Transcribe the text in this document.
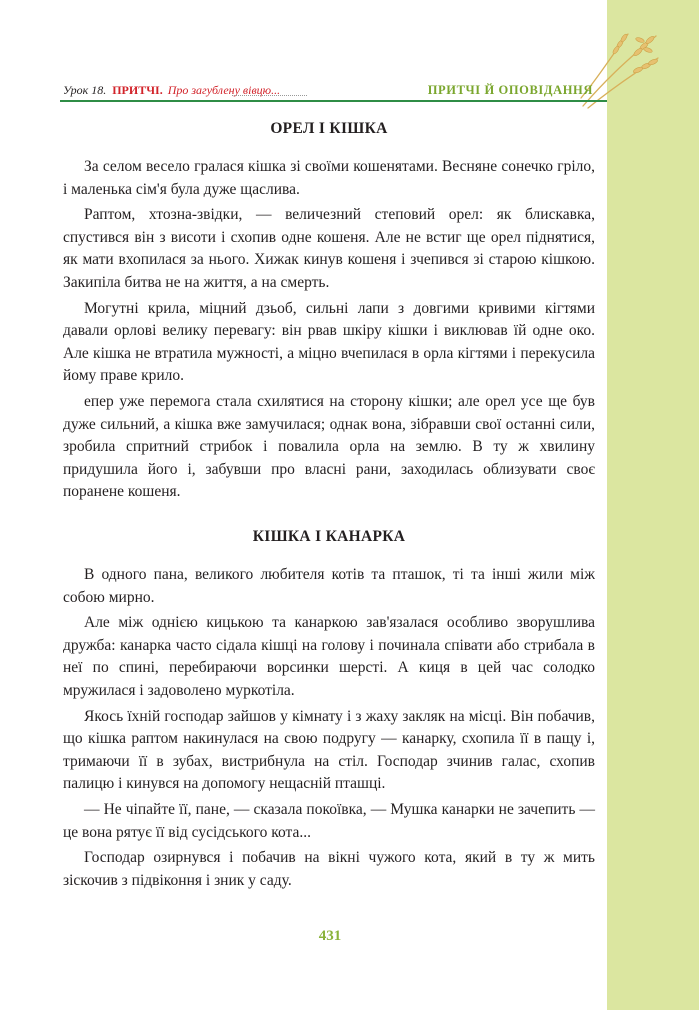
Урок 18. ПРИТЧІ. Про загублену вівцю...	ПРИТЧІ Й ОПОВІДАННЯ
ОРЕЛ І КІШКА

За селом весело гралася кішка зі своїми кошенятами. Весняне сонечко гріло, і маленька сім'я була дуже щаслива.

Раптом, хтозна-звідки, — величезний степовий орел: як блискавка, спустився він з висоти і схопив одне кошеня. Але не встиг ще орел піднятися, як мати вхопилася за нього. Хижак кинув кошеня і зчепився зі старою кішкою. Закипіла битва не на життя, а на смерть.

Могутні крила, міцний дзьоб, сильні лапи з довгими кривими кігтями давали орлові велику перевагу: він рвав шкіру кішки і виклював їй одне око. Але кішка не втратила мужності, а міцно вчепилася в орла кігтями і перекусила йому праве крило.

епер уже перемога стала схилятися на сторону кішки; але орел усе ще був дуже сильний, а кішка вже замучилася; однак вона, зібравши свої останні сили, зробила спритний стрибок і повалила орла на землю. В ту ж хвилину придушила його і, забувши про власні рани, заходилась облизувати своє поранене кошеня.

КІШКА І КАНАРКА

В одного пана, великого любителя котів та пташок, ті та інші жили між собою мирно.

Але між однією кицькою та канаркою зав'язалася особливо зворушлива дружба: канарка часто сідала кішці на голову і починала співати або стрибала в неї по спині, перебираючи ворсинки шерсті. А киця в цей час солодко мружилася і задоволено муркотіла.

Якось їхній господар зайшов у кімнату і з жаху закляк на місці. Він побачив, що кішка раптом накинулася на свою подругу — канарку, схопила її в пащу і, тримаючи її в зубах, вистрибнула на стіл. Господар зчинив галас, схопив палицю і кинувся на допомогу нещасній пташці.

— Не чіпайте її, пане, — сказала покоївка, — Мушка канарки не зачепить — це вона рятує її від сусідського кота...

Господар озирнувся і побачив на вікні чужого кота, який в ту ж мить зіскочив з підвіконня і зник у саду.

431
